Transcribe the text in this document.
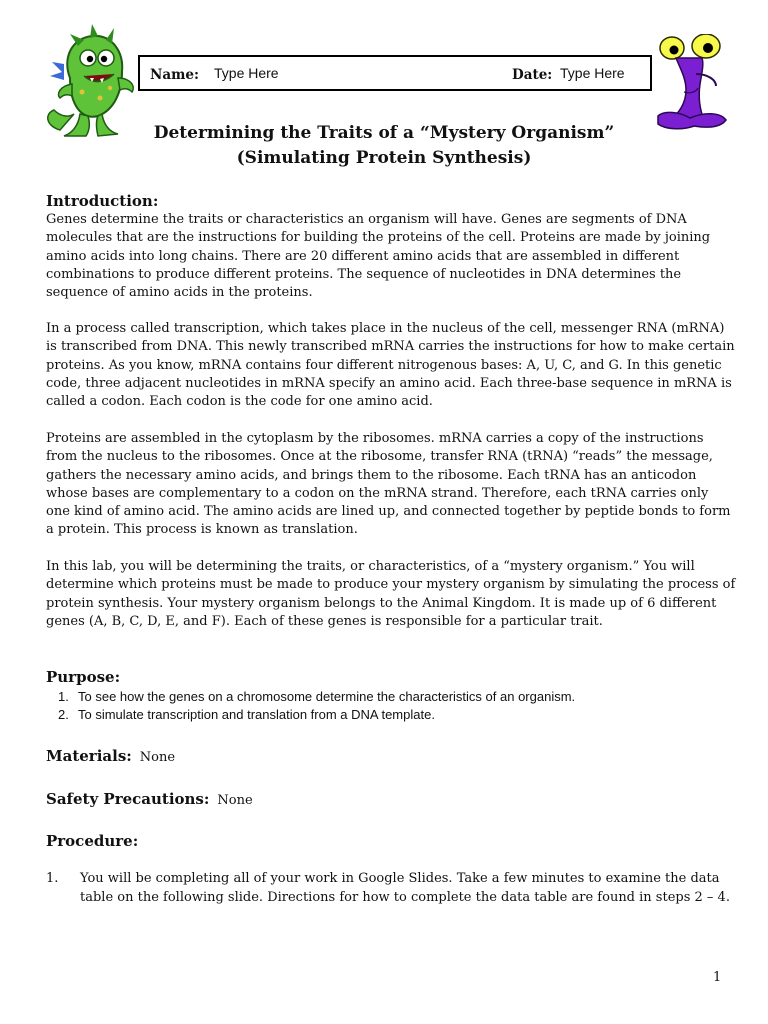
Name: Type Here	Date: Type Here
Determining the Traits of a “Mystery Organism”
(Simulating Protein Synthesis)
Introduction:

Genes determine the traits or characteristics an organism will have. Genes are segments of DNA molecules that are the instructions for building the proteins of the cell. Proteins are made by joining amino acids into long chains. There are 20 different amino acids that are assembled in different combinations to produce different proteins. The sequence of nucleotides in DNA determines the sequence of amino acids in the proteins.

In a process called transcription, which takes place in the nucleus of the cell, messenger RNA (mRNA) is transcribed from DNA. This newly transcribed mRNA carries the instructions for how to make certain proteins. As you know, mRNA contains four different nitrogenous bases: A, U, C, and G. In this genetic code, three adjacent nucleotides in mRNA specify an amino acid. Each three-base sequence in mRNA is called a codon. Each codon is the code for one amino acid.

Proteins are assembled in the cytoplasm by the ribosomes. mRNA carries a copy of the instructions from the nucleus to the ribosomes. Once at the ribosome, transfer RNA (tRNA) “reads” the message, gathers the necessary amino acids, and brings them to the ribosome. Each tRNA has an anticodon whose bases are complementary to a codon on the mRNA strand. Therefore, each tRNA carries only one kind of amino acid. The amino acids are lined up, and connected together by peptide bonds to form a protein. This process is known as translation.

In this lab, you will be determining the traits, or characteristics, of a “mystery organism.” You will determine which proteins must be made to produce your mystery organism by simulating the process of protein synthesis. Your mystery organism belongs to the Animal Kingdom. It is made up of 6 different genes (A, B, C, D, E, and F). Each of these genes is responsible for a particular trait.

Purpose:
1. To see how the genes on a chromosome determine the characteristics of an organism.
2. To simulate transcription and translation from a DNA template.
Materials: None
Safety Precautions: None
Procedure:
1. You will be completing all of your work in Google Slides. Take a few minutes to examine the data table on the following slide. Directions for how to complete the data table are found in steps 2 – 4.
1
